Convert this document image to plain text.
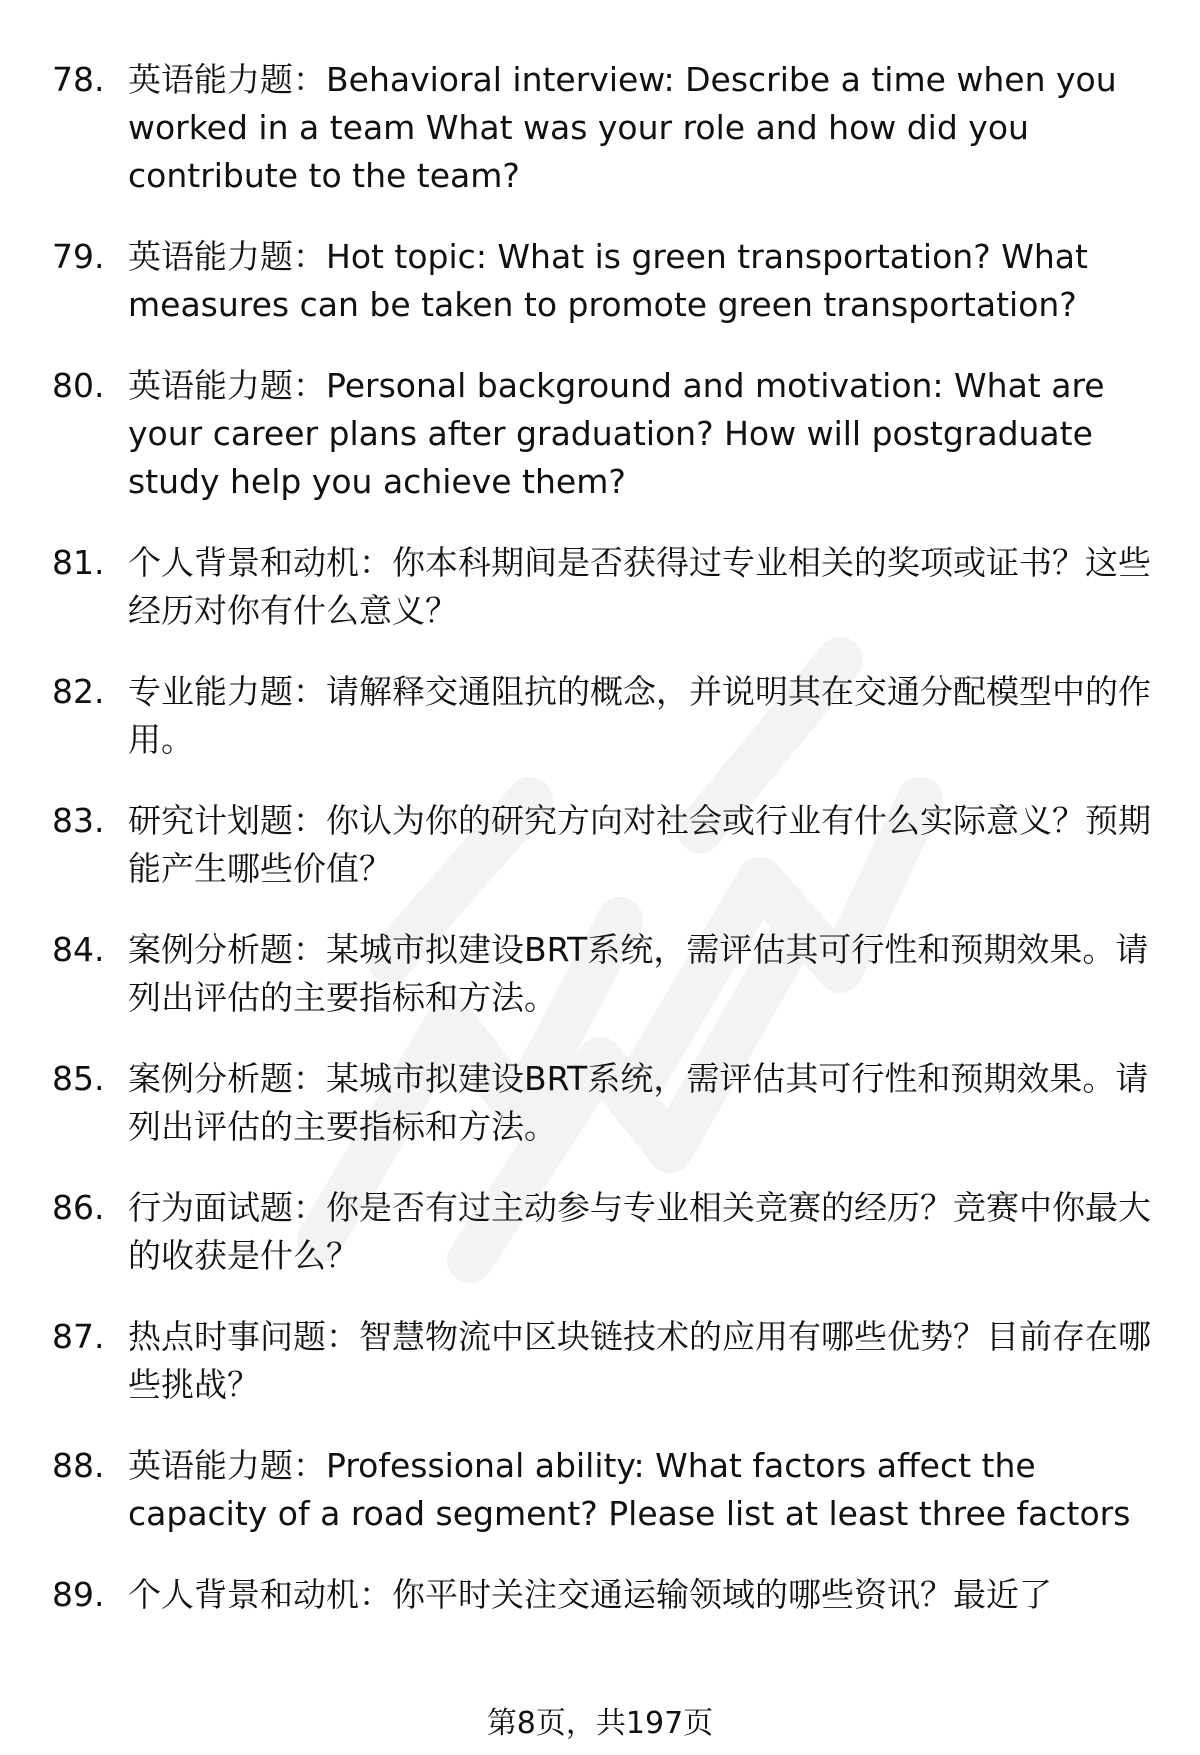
78. 英语能力题：Behavioral interview: Describe a time when you worked in a team What was your role and how did you contribute to the team?
79. 英语能力题：Hot topic: What is green transportation? What measures can be taken to promote green transportation?
80. 英语能力题：Personal background and motivation: What are your career plans after graduation? How will postgraduate study help you achieve them?
81. 个人背景和动机：你本科期间是否获得过专业相关的奖项或证书？这些经历对你有什么意义？
82. 专业能力题：请解释交通阻抗的概念，并说明其在交通分配模型中的作用。
83. 研究计划题：你认为你的研究方向对社会或行业有什么实际意义？预期能产生哪些价值？
84. 案例分析题：某城市拟建设BRT系统，需评估其可行性和预期效果。请列出评估的主要指标和方法。
85. 案例分析题：某城市拟建设BRT系统，需评估其可行性和预期效果。请列出评估的主要指标和方法。
86. 行为面试题：你是否有过主动参与专业相关竞赛的经历？竞赛中你最大的收获是什么？
87. 热点时事问题：智慧物流中区块链技术的应用有哪些优势？目前存在哪些挑战？
88. 英语能力题：Professional ability: What factors affect the capacity of a road segment? Please list at least three factors
89. 个人背景和动机：你平时关注交通运输领域的哪些资讯？最近了
第8页，共197页
